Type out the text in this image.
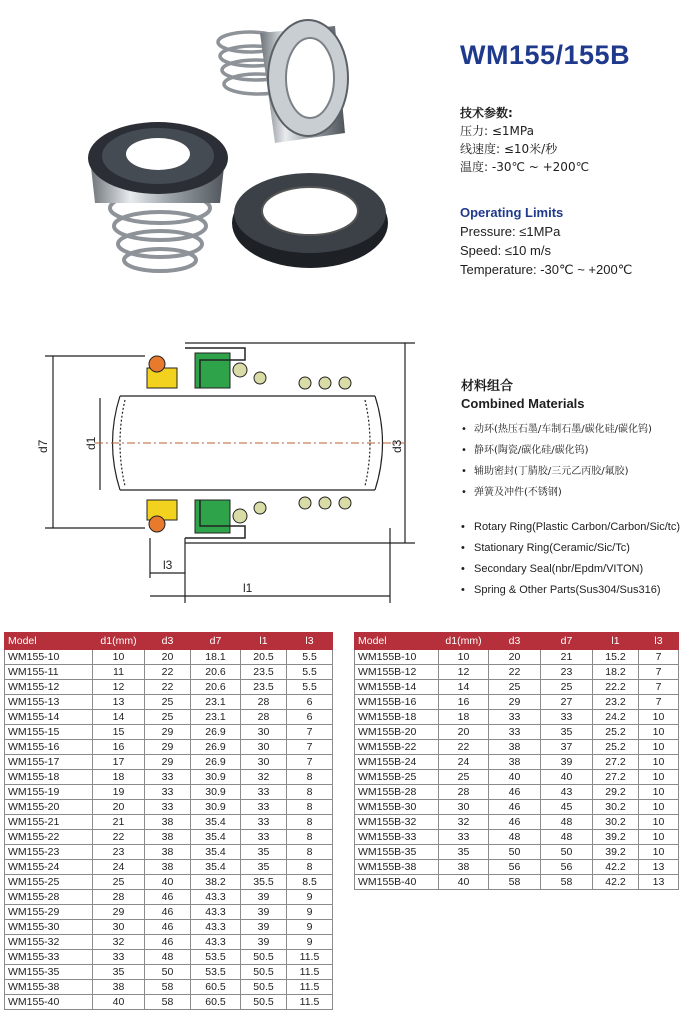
WM155/155B
技术参数:
压力: ≤1MPa
线速度: ≤10米/秒
温度: -30℃ ~ +200℃
Operating Limits
Pressure: ≤1MPa
Speed: ≤10 m/s
Temperature: -30℃ ~ +200℃
d7	d1	d3
l3
l1
材料组合
Combined Materials
• 动环(热压石墨/车制石墨/碳化硅/碳化钨)
• 静环(陶瓷/碳化硅/碳化钨)
• 辅助密封(丁腈胶/三元乙丙胶/氟胶)
• 弹簧及冲件(不锈钢)
• Rotary Ring(Plastic Carbon/Carbon/Sic/tc)
• Stationary Ring(Ceramic/Sic/Tc)
• Secondary Seal(nbr/Epdm/VITON)
• Spring & Other Parts(Sus304/Sus316)
Model	d1(mm)	d3	d7	l1	l3
WM155-10	10	20	18.1	20.5	5.5
WM155-11	11	22	20.6	23.5	5.5
WM155-12	12	22	20.6	23.5	5.5
WM155-13	13	25	23.1	28	6
WM155-14	14	25	23.1	28	6
WM155-15	15	29	26.9	30	7
WM155-16	16	29	26.9	30	7
WM155-17	17	29	26.9	30	7
WM155-18	18	33	30.9	32	8
WM155-19	19	33	30.9	33	8
WM155-20	20	33	30.9	33	8
WM155-21	21	38	35.4	33	8
WM155-22	22	38	35.4	33	8
WM155-23	23	38	35.4	35	8
WM155-24	24	38	35.4	35	8
WM155-25	25	40	38.2	35.5	8.5
WM155-28	28	46	43.3	39	9
WM155-29	29	46	43.3	39	9
WM155-30	30	46	43.3	39	9
WM155-32	32	46	43.3	39	9
WM155-33	33	48	53.5	50.5	11.5
WM155-35	35	50	53.5	50.5	11.5
WM155-38	38	58	60.5	50.5	11.5
WM155-40	40	58	60.5	50.5	11.5
Model	d1(mm)	d3	d7	l1	l3
WM155B-10	10	20	21	15.2	7
WM155B-12	12	22	23	18.2	7
WM155B-14	14	25	25	22.2	7
WM155B-16	16	29	27	23.2	7
WM155B-18	18	33	33	24.2	10
WM155B-20	20	33	35	25.2	10
WM155B-22	22	38	37	25.2	10
WM155B-24	24	38	39	27.2	10
WM155B-25	25	40	40	27.2	10
WM155B-28	28	46	43	29.2	10
WM155B-30	30	46	45	30.2	10
WM155B-32	32	46	48	30.2	10
WM155B-33	33	48	48	39.2	10
WM155B-35	35	50	50	39.2	10
WM155B-38	38	56	56	42.2	13
WM155B-40	40	58	58	42.2	13
